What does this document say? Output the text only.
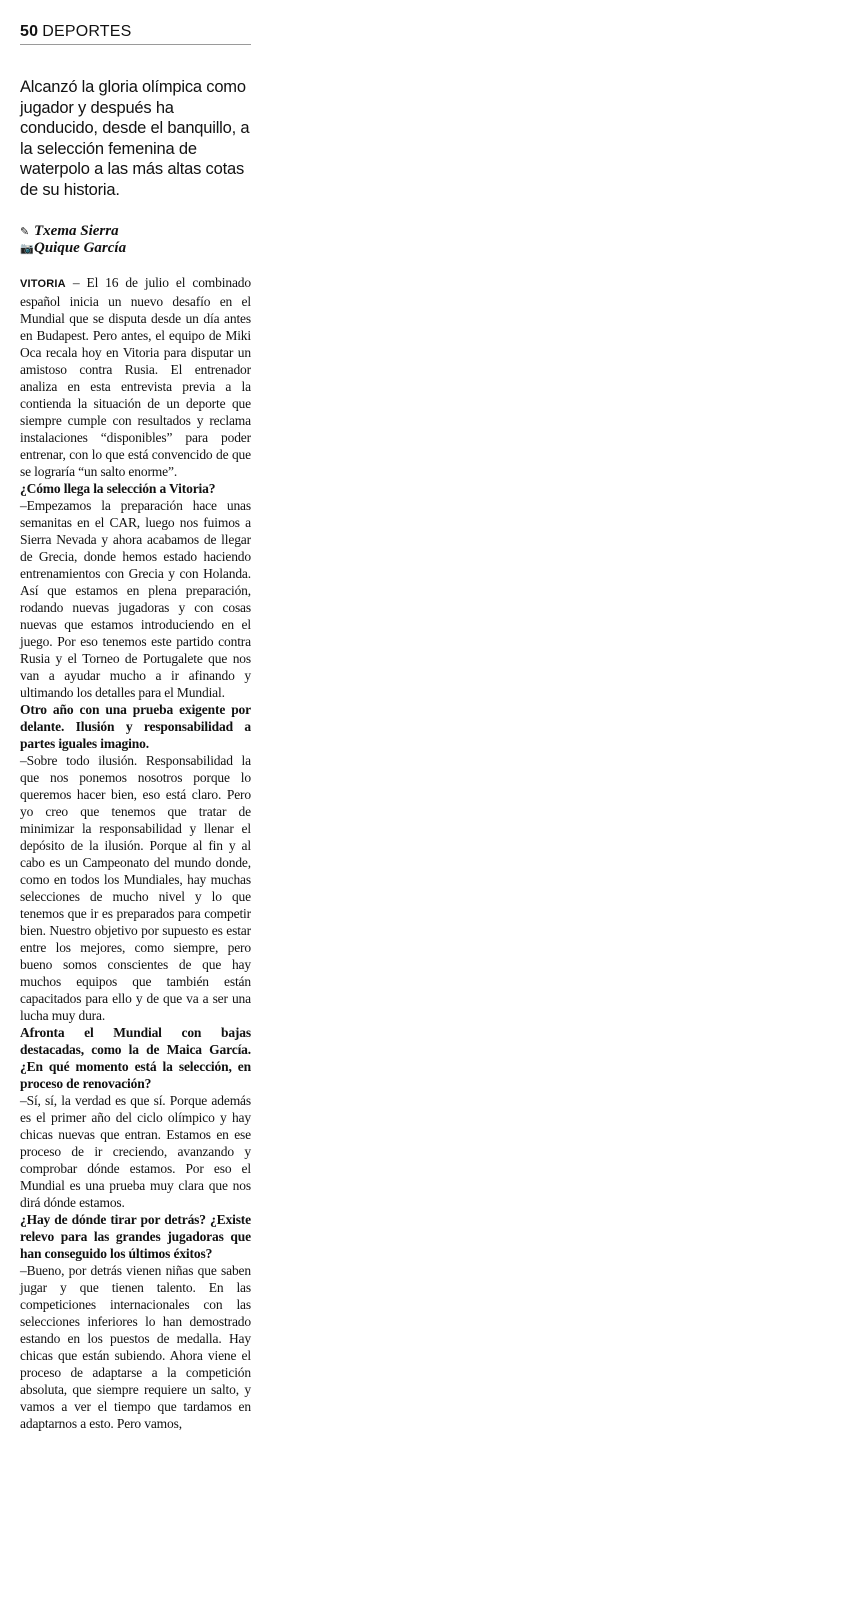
50 DEPORTES
Alcanzó la gloria olímpica como jugador y después ha conducido, desde el banquillo, a la selección femenina de waterpolo a las más altas cotas de su historia.
✎ Txema Sierra
📷Quique García

VITORIA – El 16 de julio el combinado español inicia un nuevo desafío en el Mundial que se disputa desde un día antes en Budapest. Pero antes, el equipo de Miki Oca recala hoy en Vitoria para disputar un amistoso contra Rusia. El entrenador analiza en esta entrevista previa a la contienda la situación de un deporte que siempre cumple con resultados y reclama instalaciones “disponibles” para poder entrenar, con lo que está convencido de que se lograría “un salto enorme”.

¿Cómo llega la selección a Vitoria?

–Empezamos la preparación hace unas semanitas en el CAR, luego nos fuimos a Sierra Nevada y ahora acabamos de llegar de Grecia, donde hemos estado haciendo entrenamientos con Grecia y con Holanda. Así que estamos en plena preparación, rodando nuevas jugadoras y con cosas nuevas que estamos introduciendo en el juego. Por eso tenemos este partido contra Rusia y el Torneo de Portugalete que nos van a ayudar mucho a ir afinando y ultimando los detalles para el Mundial.

Otro año con una prueba exigente por delante. Ilusión y responsabilidad a partes iguales imagino.

–Sobre todo ilusión. Responsabilidad la que nos ponemos nosotros porque lo queremos hacer bien, eso está claro. Pero yo creo que tenemos que tratar de minimizar la responsabilidad y llenar el depósito de la ilusión. Porque al fin y al cabo es un Campeonato del mundo donde, como en todos los Mundiales, hay muchas selecciones de mucho nivel y lo que tenemos que ir es preparados para competir bien. Nuestro objetivo por supuesto es estar entre los mejores, como siempre, pero bueno somos conscientes de que hay muchos equipos que también están capacitados para ello y de que va a ser una lucha muy dura.

Afronta el Mundial con bajas destacadas, como la de Maica García. ¿En qué momento está la selección, en proceso de renovación?

–Sí, sí, la verdad es que sí. Porque además es el primer año del ciclo olímpico y hay chicas nuevas que entran. Estamos en ese proceso de ir creciendo, avanzando y comprobar dónde estamos. Por eso el Mundial es una prueba muy clara que nos dirá dónde estamos.

¿Hay de dónde tirar por detrás? ¿Existe relevo para las grandes jugadoras que han conseguido los últimos éxitos?

–Bueno, por detrás vienen niñas que saben jugar y que tienen talento. En las competiciones internacionales con las selecciones inferiores lo han demostrado estando en los puestos de medalla. Hay chicas que están subiendo. Ahora viene el proceso de adaptarse a la competición absoluta, que siempre requiere un salto, y vamos a ver el tiempo que tardamos en adaptarnos a esto. Pero vamos,
